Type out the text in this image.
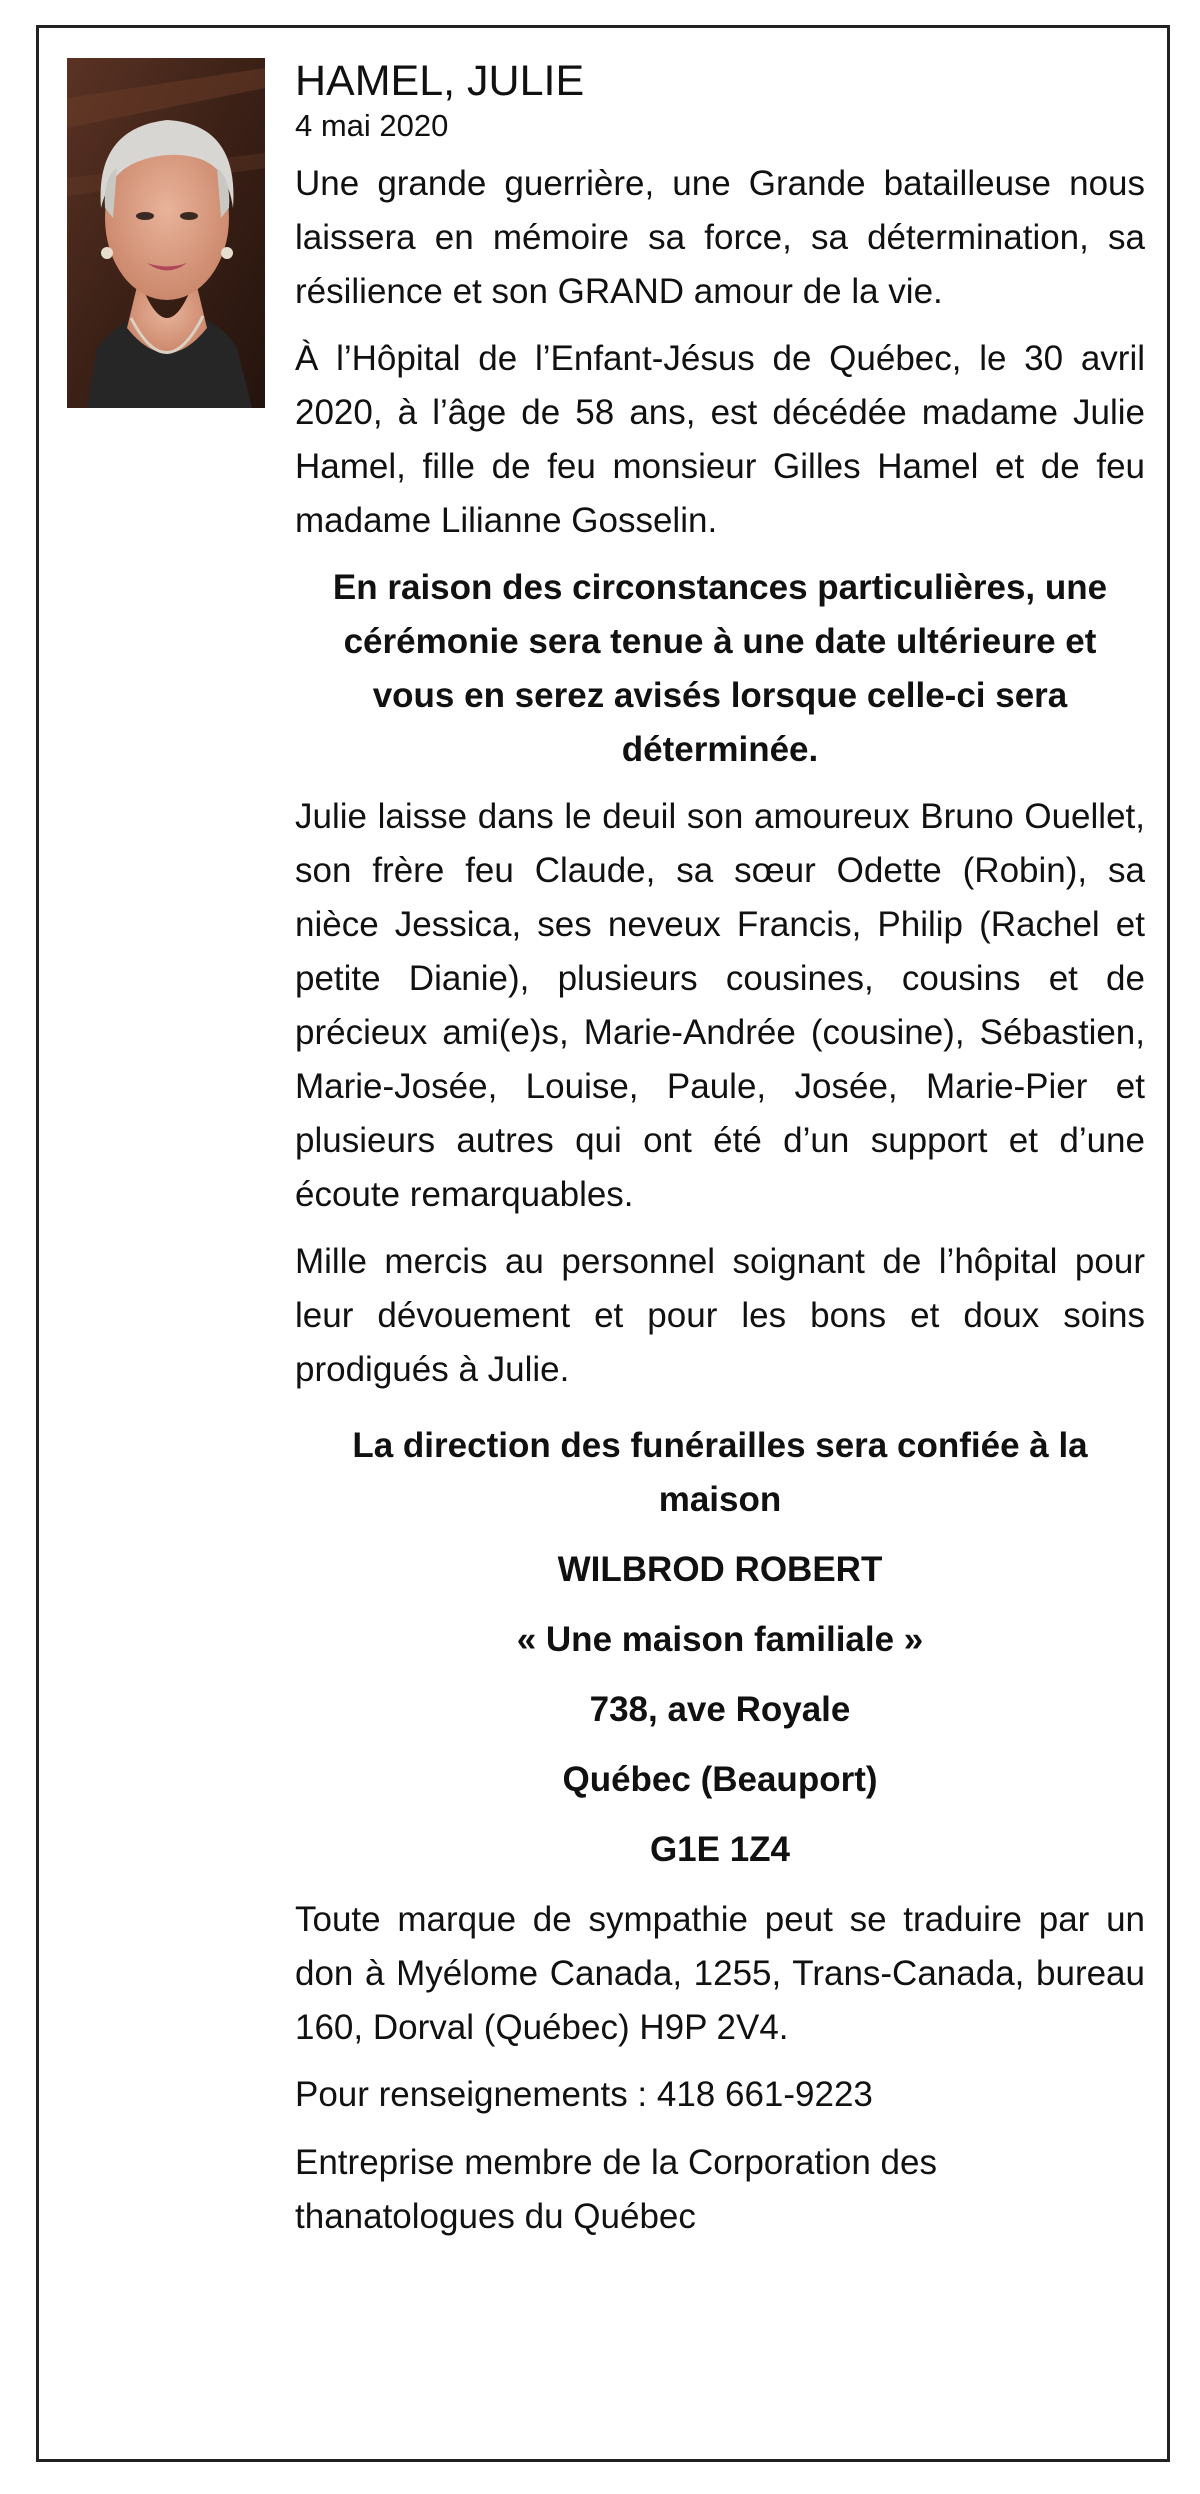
HAMEL, JULIE
4 mai 2020

Une grande guerrière, une Grande batailleuse nous laissera en mémoire sa force, sa détermination, sa résilience et son GRAND amour de la vie.

À l’Hôpital de l’Enfant-Jésus de Québec, le 30 avril 2020, à l’âge de 58 ans, est décédée madame Julie Hamel, fille de feu monsieur Gilles Hamel et de feu madame Lilianne Gosselin.

En raison des circonstances particulières, une cérémonie sera tenue à une date ultérieure et vous en serez avisés lorsque celle-ci sera déterminée.

Julie laisse dans le deuil son amoureux Bruno Ouellet, son frère feu Claude, sa sœur Odette (Robin), sa nièce Jessica, ses neveux Francis, Philip (Rachel et petite Dianie), plusieurs cousines, cousins et de précieux ami(e)s, Marie-Andrée (cousine), Sébastien, Marie-Josée, Louise, Paule, Josée, Marie-Pier et plusieurs autres qui ont été d’un support et d’une écoute remarquables.

Mille mercis au personnel soignant de l’hôpital pour leur dévouement et pour les bons et doux soins prodigués à Julie.

La direction des funérailles sera confiée à la maison

WILBROD ROBERT

« Une maison familiale »

738, ave Royale

Québec (Beauport)

G1E 1Z4

Toute marque de sympathie peut se traduire par un don à Myélome Canada, 1255, Trans-Canada, bureau 160, Dorval (Québec) H9P 2V4.

Pour renseignements : 418 661-9223

Entreprise membre de la Corporation des thanatologues du Québec
